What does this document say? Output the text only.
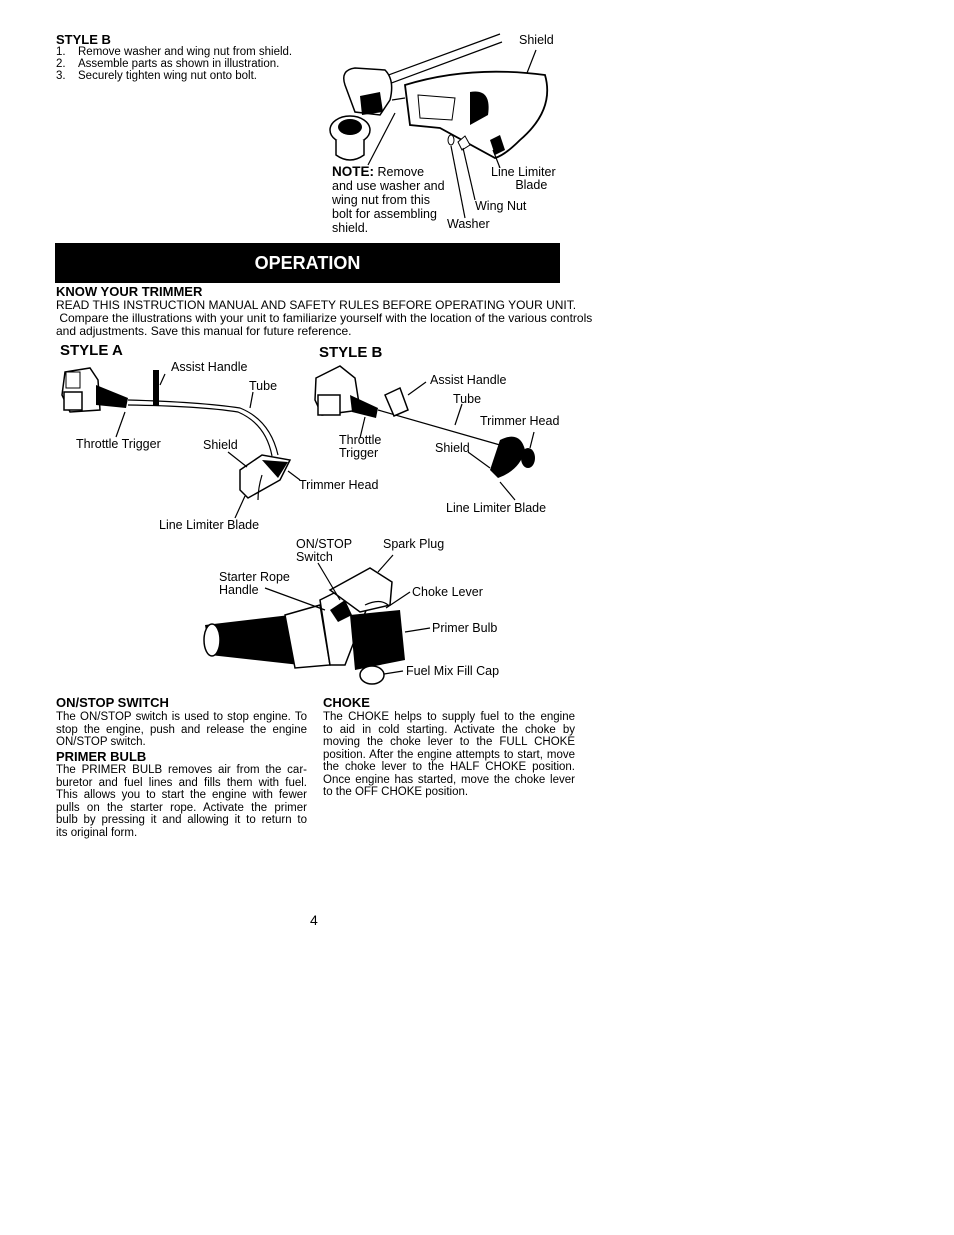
STYLE B
1. Remove washer and wing nut from shield.
2. Assemble parts as shown in illustration.
3. Securely tighten wing nut onto bolt.
Shield
NOTE: Remove
and use washer and
wing nut from this
bolt for assembling
shield.
Line Limiter
Blade
Wing Nut
Washer
OPERATION
KNOW YOUR TRIMMER
READ THIS INSTRUCTION MANUAL AND SAFETY RULES BEFORE OPERATING YOUR UNIT.
Compare the illustrations with your unit to familiarize yourself with the location of the various controls
and adjustments. Save this manual for future reference.
STYLE A	STYLE B
Assist Handle
Tube
Throttle Trigger	Shield
Trimmer Head
Line Limiter Blade
Assist Handle
Tube
Trimmer Head
Throttle
Trigger	Shield
Line Limiter Blade
ON/STOP
Switch
Spark Plug
Starter Rope
Handle	Choke Lever
Primer Bulb
Fuel Mix Fill Cap
ON/STOP SWITCH
The ON/STOP switch is used to stop engine. To
stop the engine, push and release the engine
ON/STOP switch.
PRIMER BULB
The PRIMER BULB removes air from the car-
buretor and fuel lines and fills them with fuel.
This allows you to start the engine with fewer
pulls on the starter rope. Activate the primer
bulb by pressing it and allowing it to return to
its original form.
CHOKE
The CHOKE helps to supply fuel to the engine
to aid in cold starting. Activate the choke by
moving the choke lever to the FULL CHOKE
position. After the engine attempts to start, move
the choke lever to the HALF CHOKE position.
Once engine has started, move the choke lever
to the OFF CHOKE position.
4
